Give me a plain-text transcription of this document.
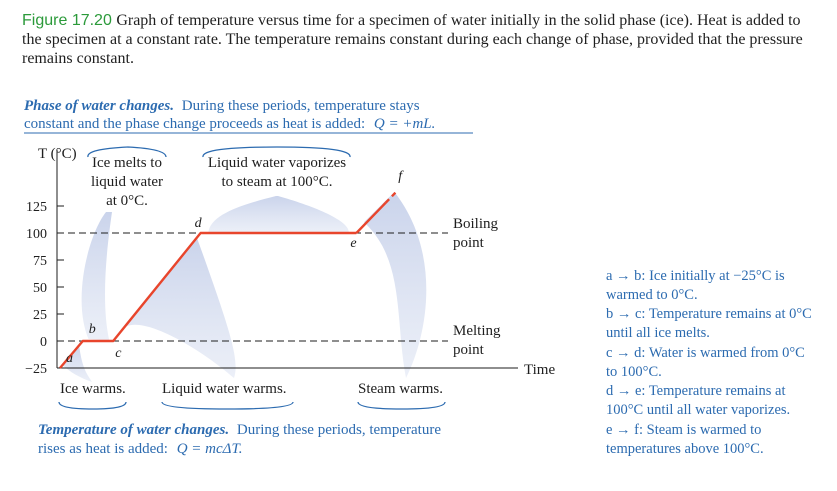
Figure 17.20 Graph of temperature versus time for a specimen of water initially in the solid phase (ice). Heat is added to the specimen at a constant rate. The temperature remains constant during each change of phase, provided that the pressure remains constant.
Phase of water changes. During these periods, temperature stays
constant and the phase change proceeds as heat is added: Q = +mL.
125
100
75
50
25
0
−25
T (°C)
Time
a
b
c
d
e
f
Ice melts to
liquid water
at 0°C.
Liquid water vaporizes
to steam at 100°C.
Boiling
point
Melting
point
Ice warms. Liquid water warms.	Steam warms.
Temperature of water changes. During these periods, temperature
rises as heat is added: Q = mcΔT.
a → b: Ice initially at −25°C is
warmed to 0°C.
b → c: Temperature remains at 0°C
until all ice melts.
c → d: Water is warmed from 0°C
to 100°C.
d → e: Temperature remains at
100°C until all water vaporizes.
e → f: Steam is warmed to
temperatures above 100°C.
